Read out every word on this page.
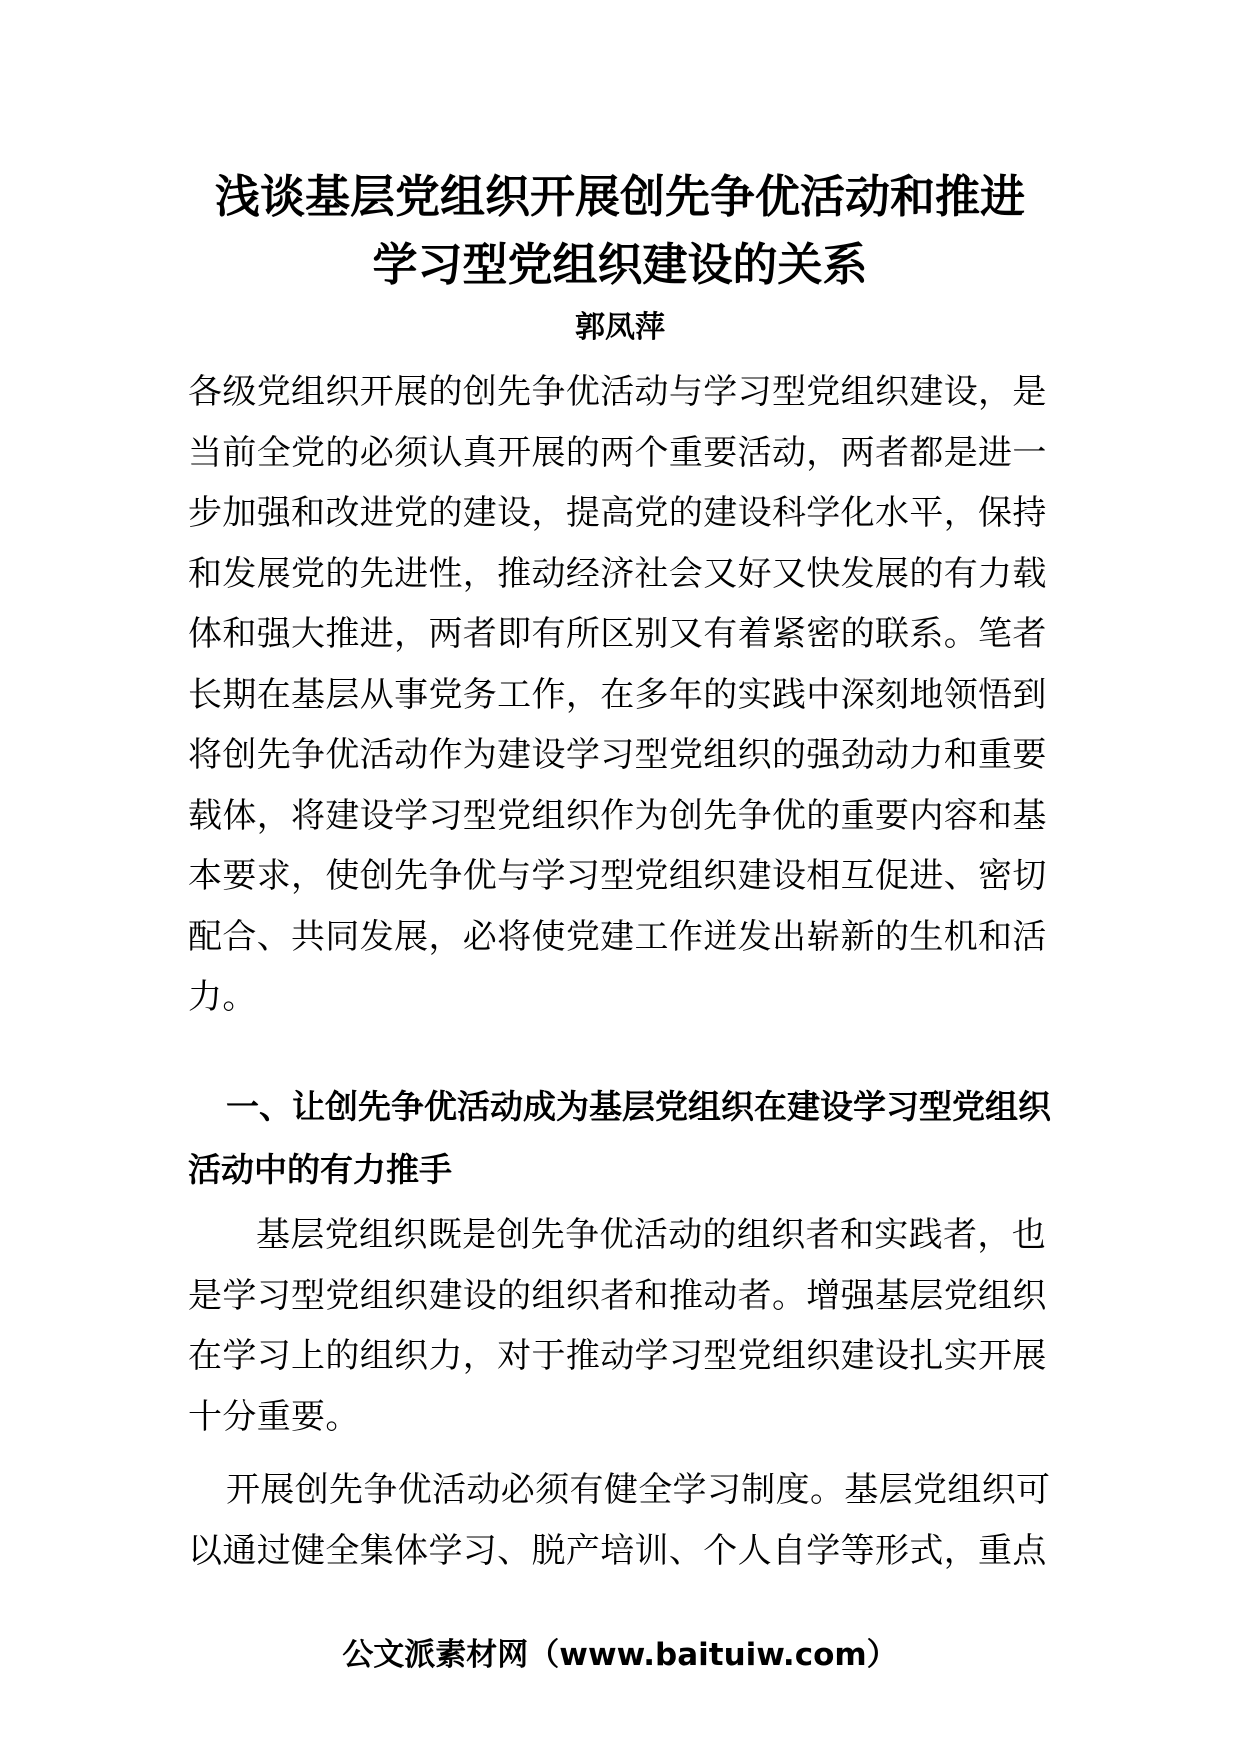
浅谈基层党组织开展创先争优活动和推进
学习型党组织建设的关系
郭凤萍

各级党组织开展的创先争优活动与学习型党组织建设，是当前全党的必须认真开展的两个重要活动，两者都是进一步加强和改进党的建设，提高党的建设科学化水平，保持和发展党的先进性，推动经济社会又好又快发展的有力载体和强大推进，两者即有所区别又有着紧密的联系。笔者长期在基层从事党务工作，在多年的实践中深刻地领悟到将创先争优活动作为建设学习型党组织的强劲动力和重要载体，将建设学习型党组织作为创先争优的重要内容和基本要求，使创先争优与学习型党组织建设相互促进、密切配合、共同发展，必将使党建工作迸发出崭新的生机和活力。

一、让创先争优活动成为基层党组织在建设学习型党组织活动中的有力推手

基层党组织既是创先争优活动的组织者和实践者，也是学习型党组织建设的组织者和推动者。增强基层党组织在学习上的组织力，对于推动学习型党组织建设扎实开展十分重要。

开展创先争优活动必须有健全学习制度。基层党组织可以通过健全集体学习、脱产培训、个人自学等形式，重点

公文派素材网（www.baituiw.com）
